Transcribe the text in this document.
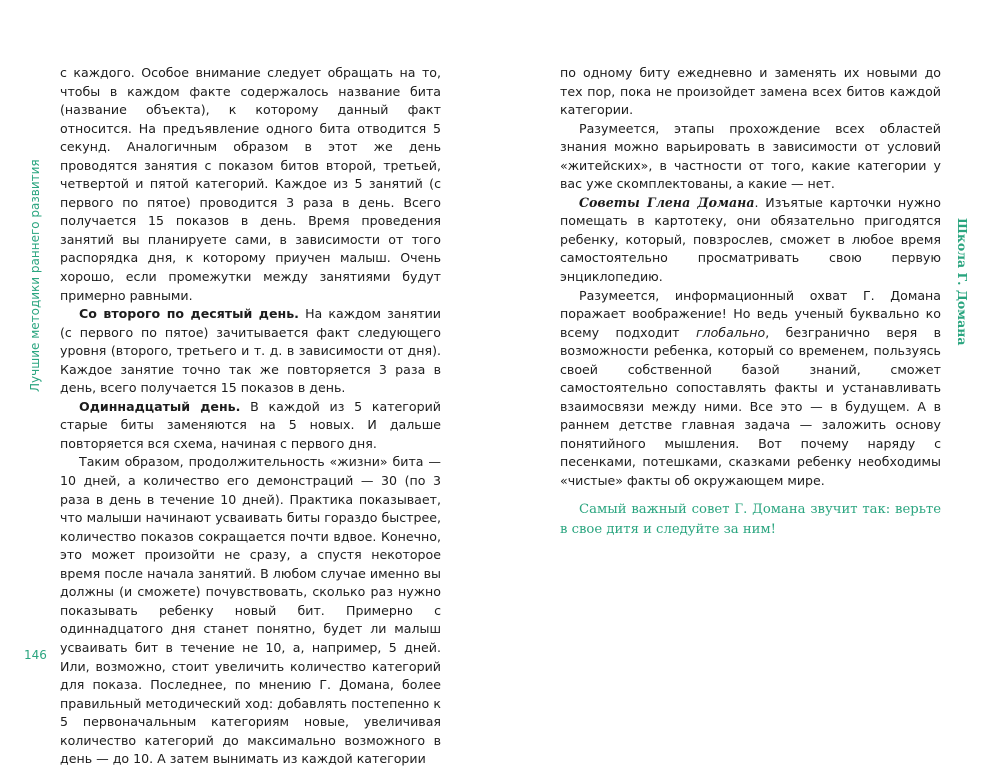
Лучшие методики раннего развития
146

с каждого. Особое внимание следует обращать на то, чтобы в каждом факте содержалось название бита (название объекта), к которому данный факт относится. На предъявление одного бита отводится 5 секунд. Аналогичным образом в этот же день проводятся занятия с показом битов второй, третьей, четвертой и пятой категорий. Каждое из 5 занятий (с первого по пятое) проводится 3 раза в день. Всего получается 15 показов в день. Время проведения занятий вы планируете сами, в зависимости от того распорядка дня, к которому приучен малыш. Очень хорошо, если промежутки между занятиями будут примерно равными.

Со второго по десятый день. На каждом занятии (с первого по пятое) зачитывается факт следующего уровня (второго, третьего и т. д. в зависимости от дня). Каждое занятие точно так же повторяется 3 раза в день, всего получается 15 показов в день.

Одиннадцатый день. В каждой из 5 категорий старые биты заменяются на 5 новых. И дальше повторяется вся схема, начиная с первого дня.

Таким образом, продолжительность «жизни» бита — 10 дней, а количество его демонстраций — 30 (по 3 раза в день в течение 10 дней). Практика показывает, что малыши начинают усваивать биты гораздо быстрее, количество показов сокращается почти вдвое. Конечно, это может произойти не сразу, а спустя некоторое время после начала занятий. В любом случае именно вы должны (и сможете) почувствовать, сколько раз нужно показывать ребенку новый бит. Примерно с одиннадцатого дня станет понятно, будет ли малыш усваивать бит в течение не 10, а, например, 5 дней. Или, возможно, стоит увеличить количество категорий для показа. Последнее, по мнению Г. Домана, более правильный методический ход: добавлять постепенно к 5 первоначальным категориям новые, увеличивая количество категорий до максимально возможного в день — до 10. А затем вынимать из каждой категории

по одному биту ежедневно и заменять их новыми до тех пор, пока не произойдет замена всех битов каждой категории.

Разумеется, этапы прохождение всех областей знания можно варьировать в зависимости от условий «житейских», в частности от того, какие категории у вас уже скомплектованы, а какие — нет.

Советы Глена Домана. Изъятые карточки нужно помещать в картотеку, они обязательно пригодятся ребенку, который, повзрослев, сможет в любое время самостоятельно просматривать свою первую энциклопедию.

Разумеется, информационный охват Г. Домана поражает воображение! Но ведь ученый буквально ко всему подходит глобально, безгранично веря в возможности ребенка, который со временем, пользуясь своей собственной базой знаний, сможет самостоятельно сопоставлять факты и устанавливать взаимосвязи между ними. Все это — в будущем. А в раннем детстве главная задача — заложить основу понятийного мышления. Вот почему наряду с песенками, потешками, сказками ребенку необходимы «чистые» факты об окружающем мире.

Самый важный совет Г. Домана звучит так: верьте в свое дитя и следуйте за ним!

Школа Г. Домана
